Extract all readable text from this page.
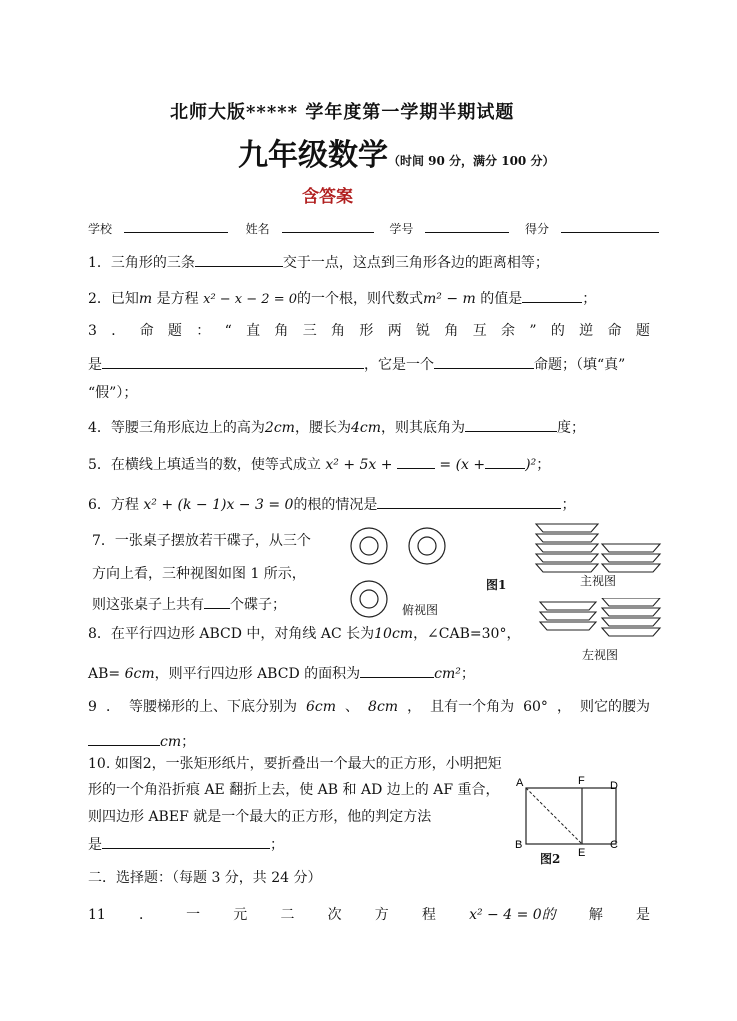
北师大版***** 学年度第一学期半期试题
九年级数学（时间 90 分，满分 100 分）
含答案
学校	姓名	学号	得分
1．三角形的三条	交于一点，这点到三角形各边的距离相等；
2．已知m 是方程 x² − x − 2 = 0的一个根，则代数式m² − m 的值是	；
3 ． 命 题 ： “ 直 角 三 角 形 两 锐 角 互 余 ” 的 逆 命 题
是	，它是一个	命题；（填“真”
“假”）；
4．等腰三角形底边上的高为2cm，腰长为4cm，则其底角为	度；
5．在横线上填适当的数，使等式成立 x² + 5x +	= (x +	)²；
6．方程 x² + (k − 1)x − 3 = 0的根的情况是	；
7．一张桌子摆放若干碟子，从三个
方向上看，三种视图如图 1 所示，
则这张桌子上共有 个碟子；	俯视图
图1	主视图
左视图
8．在平行四边形 ABCD 中，对角线 AC 长为10cm，∠CAB=30°，
AB= 6cm，则平行四边形 ABCD 的面积为	cm²；
9 ． 等腰梯形的上、下底分别为 6cm 、 8cm ， 且有一个角为 60° ， 则它的腰为
cm；
10. 如图2，一张矩形纸片，要折叠出一个最大的正方形，小明把矩
形的一个角沿折痕 AE 翻折上去，使 AB 和 AD 边上的 AF 重合，
则四边形 ABEF 就是一个最大的正方形，他的判定方法
是	；
A	F D
B
E
C
图2
二．选择题：（每题 3 分，共 24 分）
11 ． 一 元 二 次 方 程 x² − 4 = 0的 解 是
